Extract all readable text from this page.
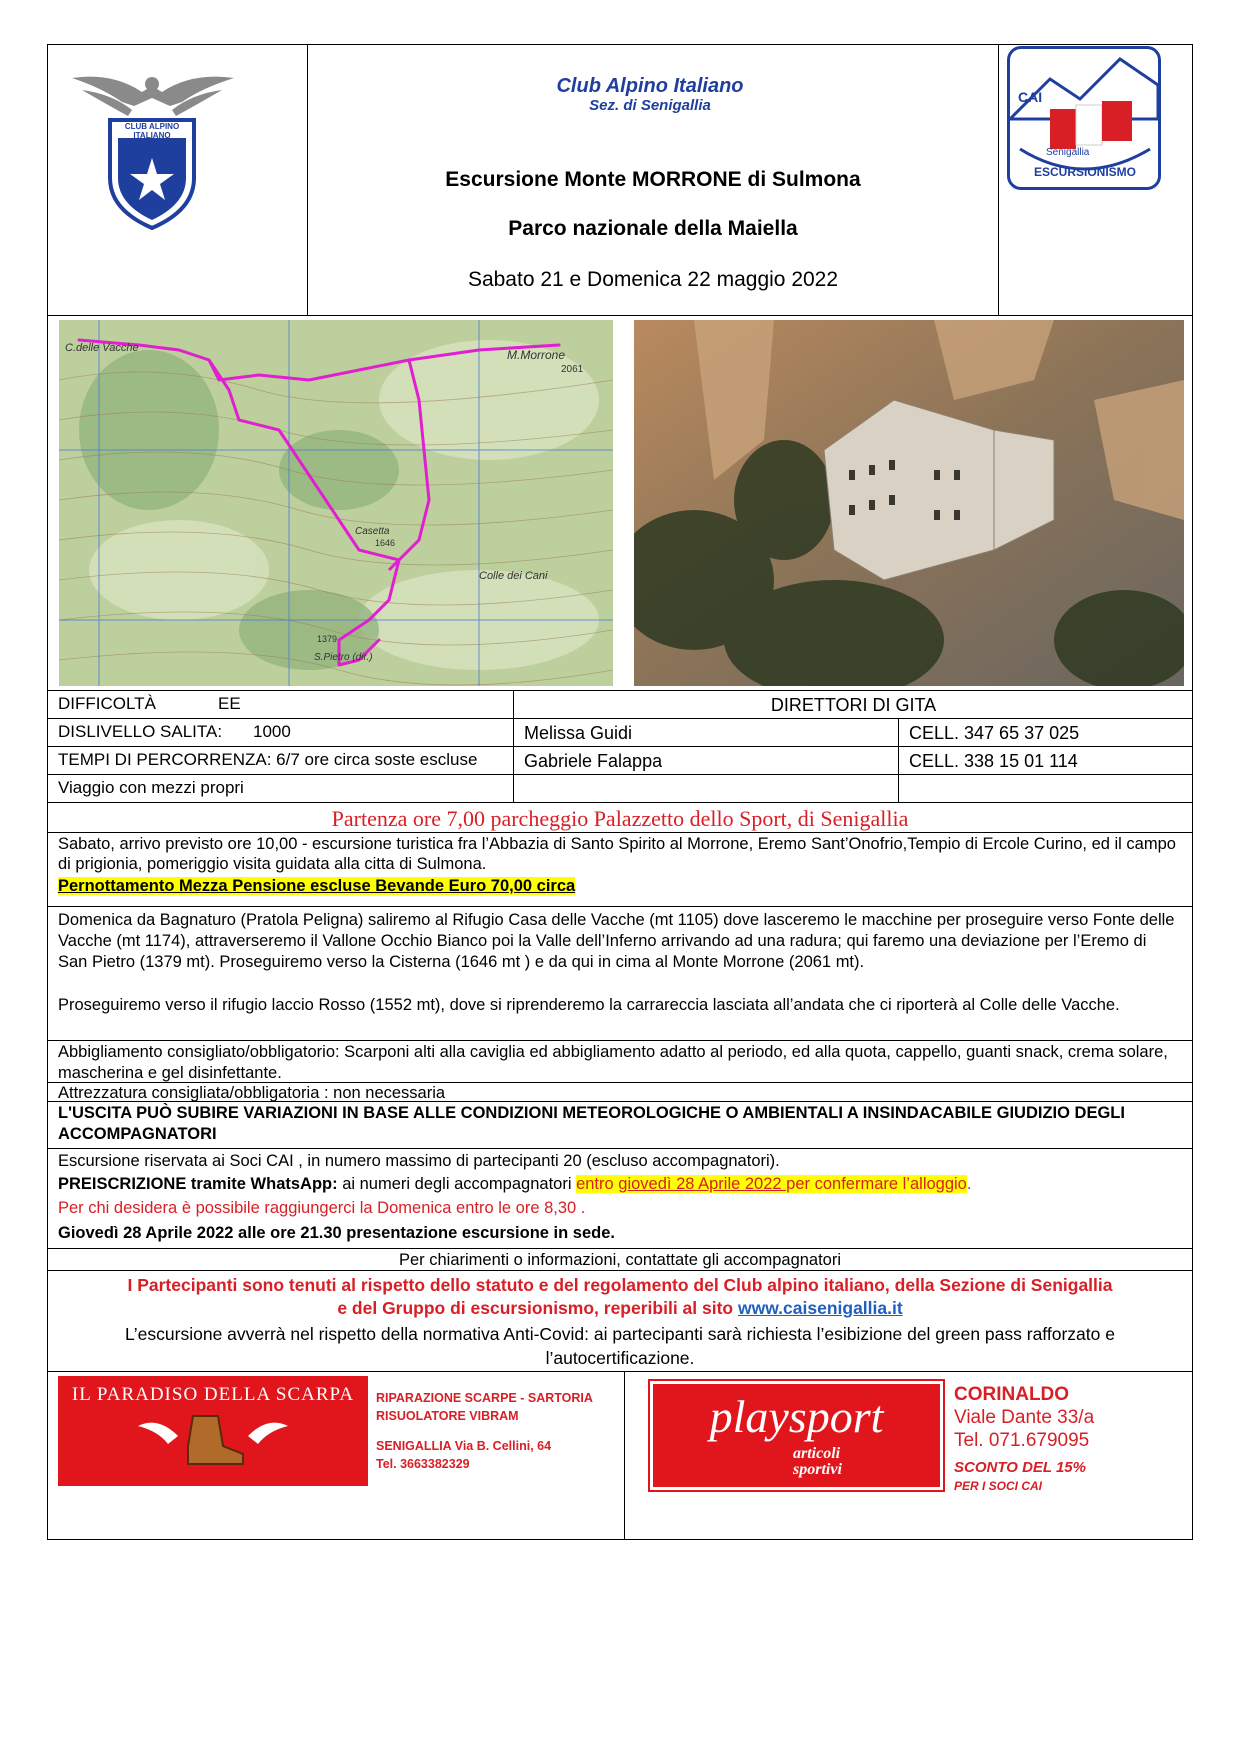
CLUB ALPINO ITALIANO
Club Alpino Italiano
Sez. di Senigallia
Escursione Monte MORRONE di Sulmona
Parco nazionale della Maiella
Sabato 21 e Domenica 22 maggio 2022
CAI
Senigallia
ESCURSIONISMO
C.delle Vacche	M.Morrone
2061
Casetta
Colle dei Cani
S.Pietro (dir.)
1379
1646
DIFFICOLTÀ	EE
DISLIVELLO SALITA: 1000
TEMPI DI PERCORRENZA: 6/7 ore circa soste escluse
Viaggio con mezzi propri
DIRETTORI DI GITA
Melissa Guidi	CELL. 347 65 37 025
Gabriele Falappa	CELL. 338 15 01 114
Partenza ore 7,00 parcheggio Palazzetto dello Sport, di Senigallia
Sabato, arrivo previsto ore 10,00 - escursione turistica fra l’Abbazia di Santo Spirito al Morrone, Eremo Sant’Onofrio,Tempio di Ercole Curino, ed il campo di prigionia, pomeriggio visita guidata alla citta di Sulmona.
Pernottamento Mezza Pensione escluse Bevande Euro 70,00 circa
Domenica da Bagnaturo (Pratola Peligna) saliremo al Rifugio Casa delle Vacche (mt 1105) dove lasceremo le macchine per proseguire verso Fonte delle Vacche (mt 1174), attraverseremo il Vallone Occhio Bianco poi la Valle dell’Inferno arrivando ad una radura; qui faremo una deviazione per l’Eremo di San Pietro (1379 mt). Proseguiremo verso la Cisterna (1646 mt ) e da qui in cima al Monte Morrone (2061 mt).
Proseguiremo verso il rifugio laccio Rosso (1552 mt), dove si riprenderemo la carrareccia lasciata all’andata che ci riporterà al Colle delle Vacche.
Abbigliamento consigliato/obbligatorio: Scarponi alti alla caviglia ed abbigliamento adatto al periodo, ed alla quota, cappello, guanti snack, crema solare, mascherina e gel disinfettante.
Attrezzatura consigliata/obbligatoria : non necessaria
L'USCITA PUÒ SUBIRE VARIAZIONI IN BASE ALLE CONDIZIONI METEOROLOGICHE O AMBIENTALI A INSINDACABILE GIUDIZIO DEGLI ACCOMPAGNATORI
Escursione riservata ai Soci CAI , in numero massimo di partecipanti 20 (escluso accompagnatori).
PREISCRIZIONE tramite WhatsApp: ai numeri degli accompagnatori entro giovedì 28 Aprile 2022 per confermare l’alloggio.
Per chi desidera è possibile raggiungerci la Domenica entro le ore 8,30 .
Giovedì 28 Aprile 2022 alle ore 21.30 presentazione escursione in sede.
Per chiarimenti o informazioni, contattate gli accompagnatori
I Partecipanti sono tenuti al rispetto dello statuto e del regolamento del Club alpino italiano, della Sezione di Senigallia
e del Gruppo di escursionismo, reperibili al sito www.caisenigallia.it
L’escursione avverrà nel rispetto della normativa Anti-Covid: ai partecipanti sarà richiesta l’esibizione del green pass rafforzato e l’autocertificazione.
IL PARADISO DELLA SCARPA	RIPARAZIONE SCARPE - SARTORIA
RISUOLATORE VIBRAM
SENIGALLIA Via B. Cellini, 64
Tel. 3663382329
playsport
articoli
sportivi
CORINALDO
Viale Dante 33/a
Tel. 071.679095
SCONTO DEL 15%
PER I SOCI CAI
